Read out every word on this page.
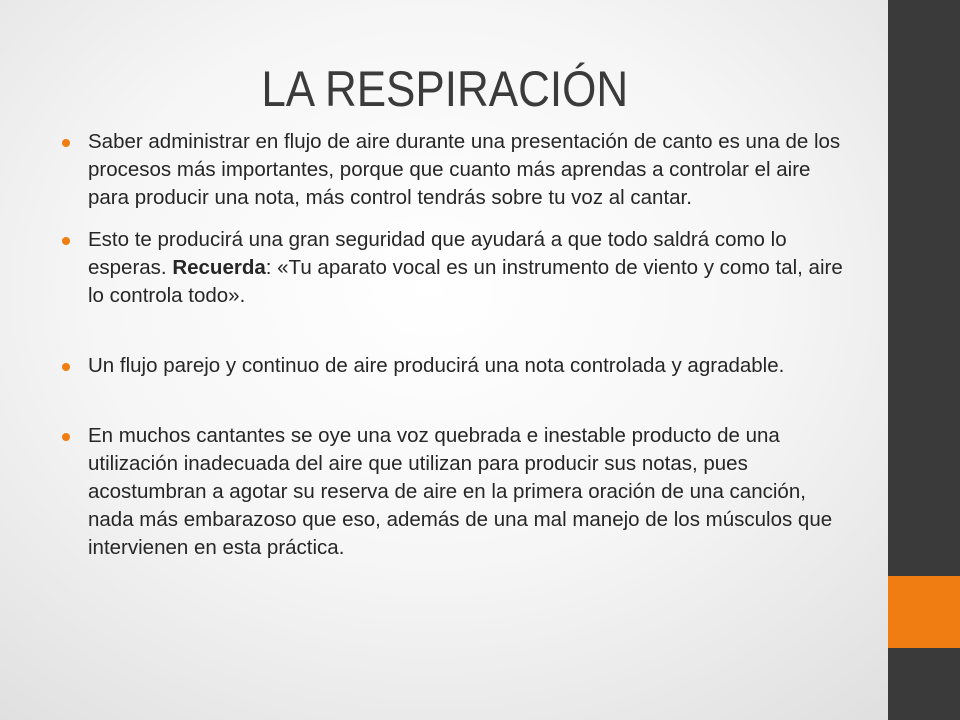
LA RESPIRACIÓN
Saber administrar en flujo de aire durante una presentación de canto es una de los procesos más importantes, porque que cuanto más aprendas a controlar el aire para producir una nota, más control tendrás sobre tu voz al cantar.
Esto te producirá una gran seguridad que ayudará a que todo saldrá como lo esperas. Recuerda: «Tu aparato vocal es un instrumento de viento y como tal, aire lo controla todo».
Un flujo parejo y continuo de aire producirá una nota controlada y agradable.
En muchos cantantes se oye una voz quebrada e inestable producto de una utilización inadecuada del aire que utilizan para producir sus notas, pues acostumbran a agotar su reserva de aire en la primera oración de una canción, nada más embarazoso que eso, además de una mal manejo de los músculos que intervienen en esta práctica.
